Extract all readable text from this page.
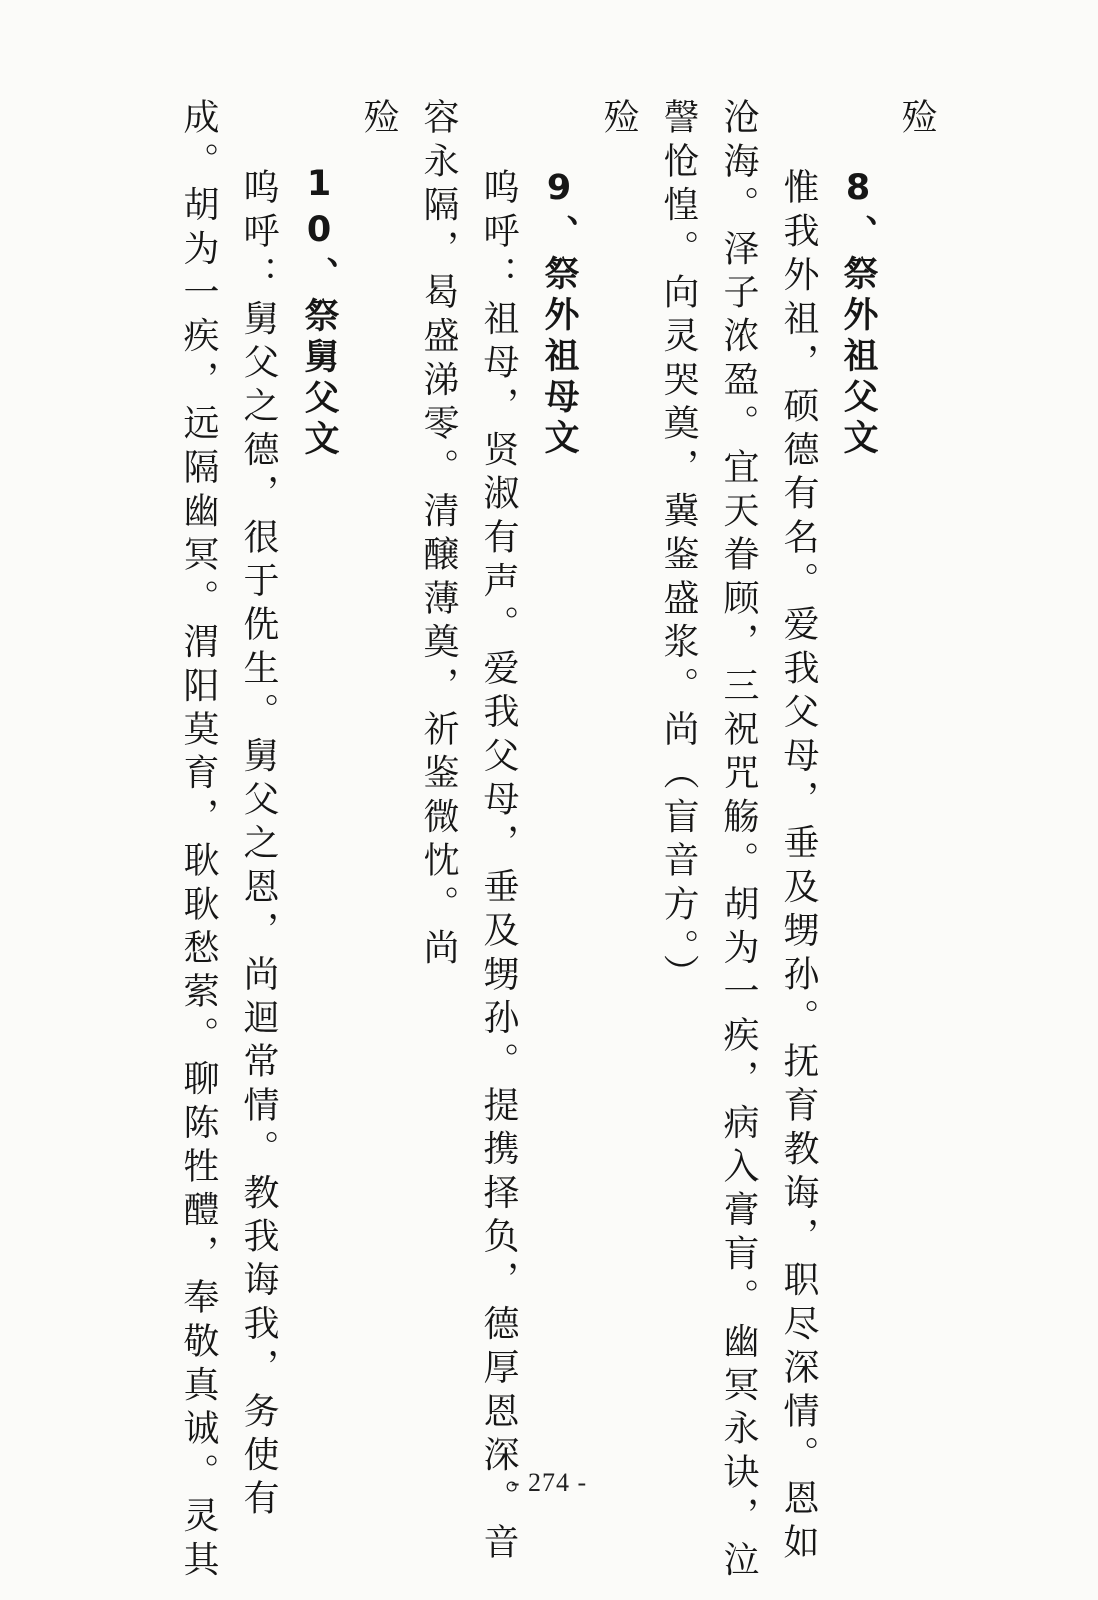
殓
8、祭外祖父文
惟我外祖，硕德有名。爱我父母，垂及甥孙。抚育教诲，职尽深情。恩如
沧海。泽子浓盈。宜天眷顾，三祝咒觞。胡为一疾，病入膏肓。幽冥永诀，泣
謦怆惶。向灵哭奠，冀鉴盛浆。尚（盲音方。）
殓
9、祭外祖母文
呜呼：祖母，贤淑有声。爱我父母，垂及甥孙。提携择负，德厚恩深。音
容永隔，曷盛涕零。清醸薄奠，祈鉴微忱。尚
殓
10、祭舅父文
呜呼：舅父之德，很于侁生。舅父之恩，尚迴常情。教我诲我，务使有
成。胡为一疾，远隔幽冥。渭阳莫育，耿耿愁萦。聊陈牲醴，奉敬真诚。灵其	- 274 -
